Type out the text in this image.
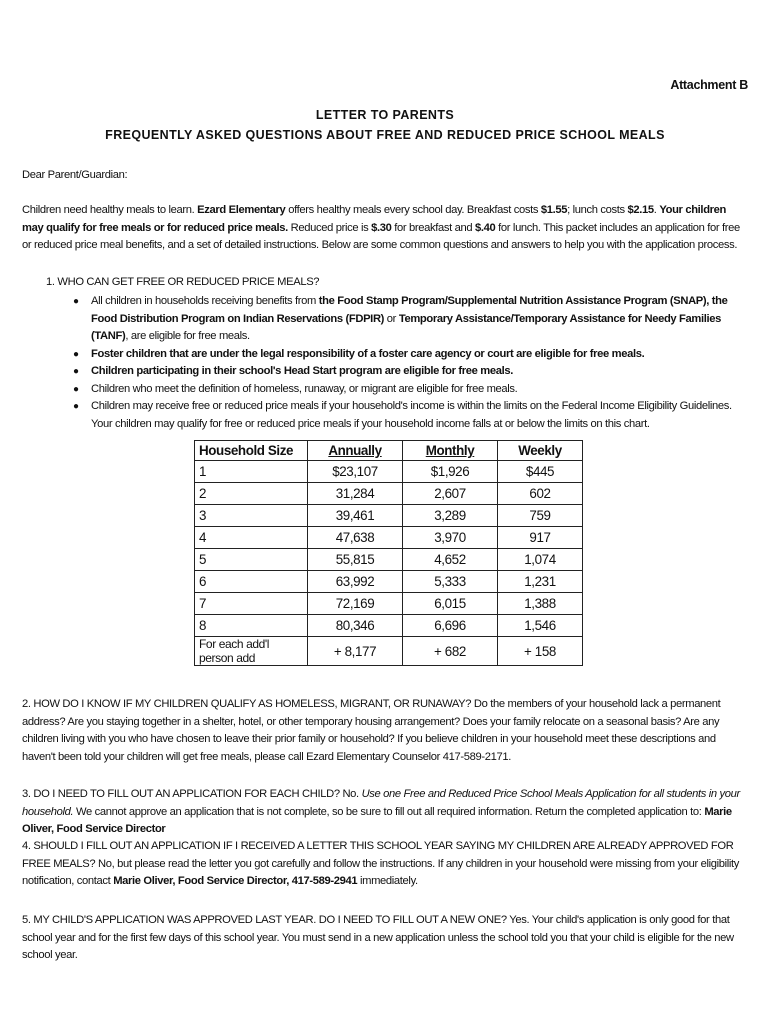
Attachment B
LETTER TO PARENTS
FREQUENTLY ASKED QUESTIONS ABOUT FREE AND REDUCED PRICE SCHOOL MEALS
Dear Parent/Guardian:
Children need healthy meals to learn. Ezard Elementary offers healthy meals every school day. Breakfast costs $1.55; lunch costs $2.15. Your children may qualify for free meals or for reduced price meals. Reduced price is $.30 for breakfast and $.40 for lunch. This packet includes an application for free or reduced price meal benefits, and a set of detailed instructions. Below are some common questions and answers to help you with the application process.
1. WHO CAN GET FREE OR REDUCED PRICE MEALS?
● All children in households receiving benefits from the Food Stamp Program/Supplemental Nutrition Assistance Program (SNAP), the Food Distribution Program on Indian Reservations (FDPIR) or Temporary Assistance/Temporary Assistance for Needy Families (TANF), are eligible for free meals.
● Foster children that are under the legal responsibility of a foster care agency or court are eligible for free meals.
● Children participating in their school's Head Start program are eligible for free meals.
● Children who meet the definition of homeless, runaway, or migrant are eligible for free meals.
● Children may receive free or reduced price meals if your household's income is within the limits on the Federal Income Eligibility Guidelines. Your children may qualify for free or reduced price meals if your household income falls at or below the limits on this chart.
Household Size	Annually	Monthly	Weekly
1	$23,107	$1,926	$445
2	31,284	2,607	602
3	39,461	3,289	759
4	47,638	3,970	917
5	55,815	4,652	1,074
6	63,992	5,333	1,231
7	72,169	6,015	1,388
8	80,346	6,696	1,546
For each add'l person add	+ 8,177	+ 682	+ 158
2. HOW DO I KNOW IF MY CHILDREN QUALIFY AS HOMELESS, MIGRANT, OR RUNAWAY? Do the members of your household lack a permanent address? Are you staying together in a shelter, hotel, or other temporary housing arrangement? Does your family relocate on a seasonal basis? Are any children living with you who have chosen to leave their prior family or household? If you believe children in your household meet these descriptions and haven't been told your children will get free meals, please call Ezard Elementary Counselor 417-589-2171.
3. DO I NEED TO FILL OUT AN APPLICATION FOR EACH CHILD? No. Use one Free and Reduced Price School Meals Application for all students in your household. We cannot approve an application that is not complete, so be sure to fill out all required information. Return the completed application to: Marie Oliver, Food Service Director
4. SHOULD I FILL OUT AN APPLICATION IF I RECEIVED A LETTER THIS SCHOOL YEAR SAYING MY CHILDREN ARE ALREADY APPROVED FOR FREE MEALS? No, but please read the letter you got carefully and follow the instructions. If any children in your household were missing from your eligibility notification, contact Marie Oliver, Food Service Director, 417-589-2941 immediately.
5. MY CHILD'S APPLICATION WAS APPROVED LAST YEAR. DO I NEED TO FILL OUT A NEW ONE? Yes. Your child's application is only good for that school year and for the first few days of this school year. You must send in a new application unless the school told you that your child is eligible for the new school year.
